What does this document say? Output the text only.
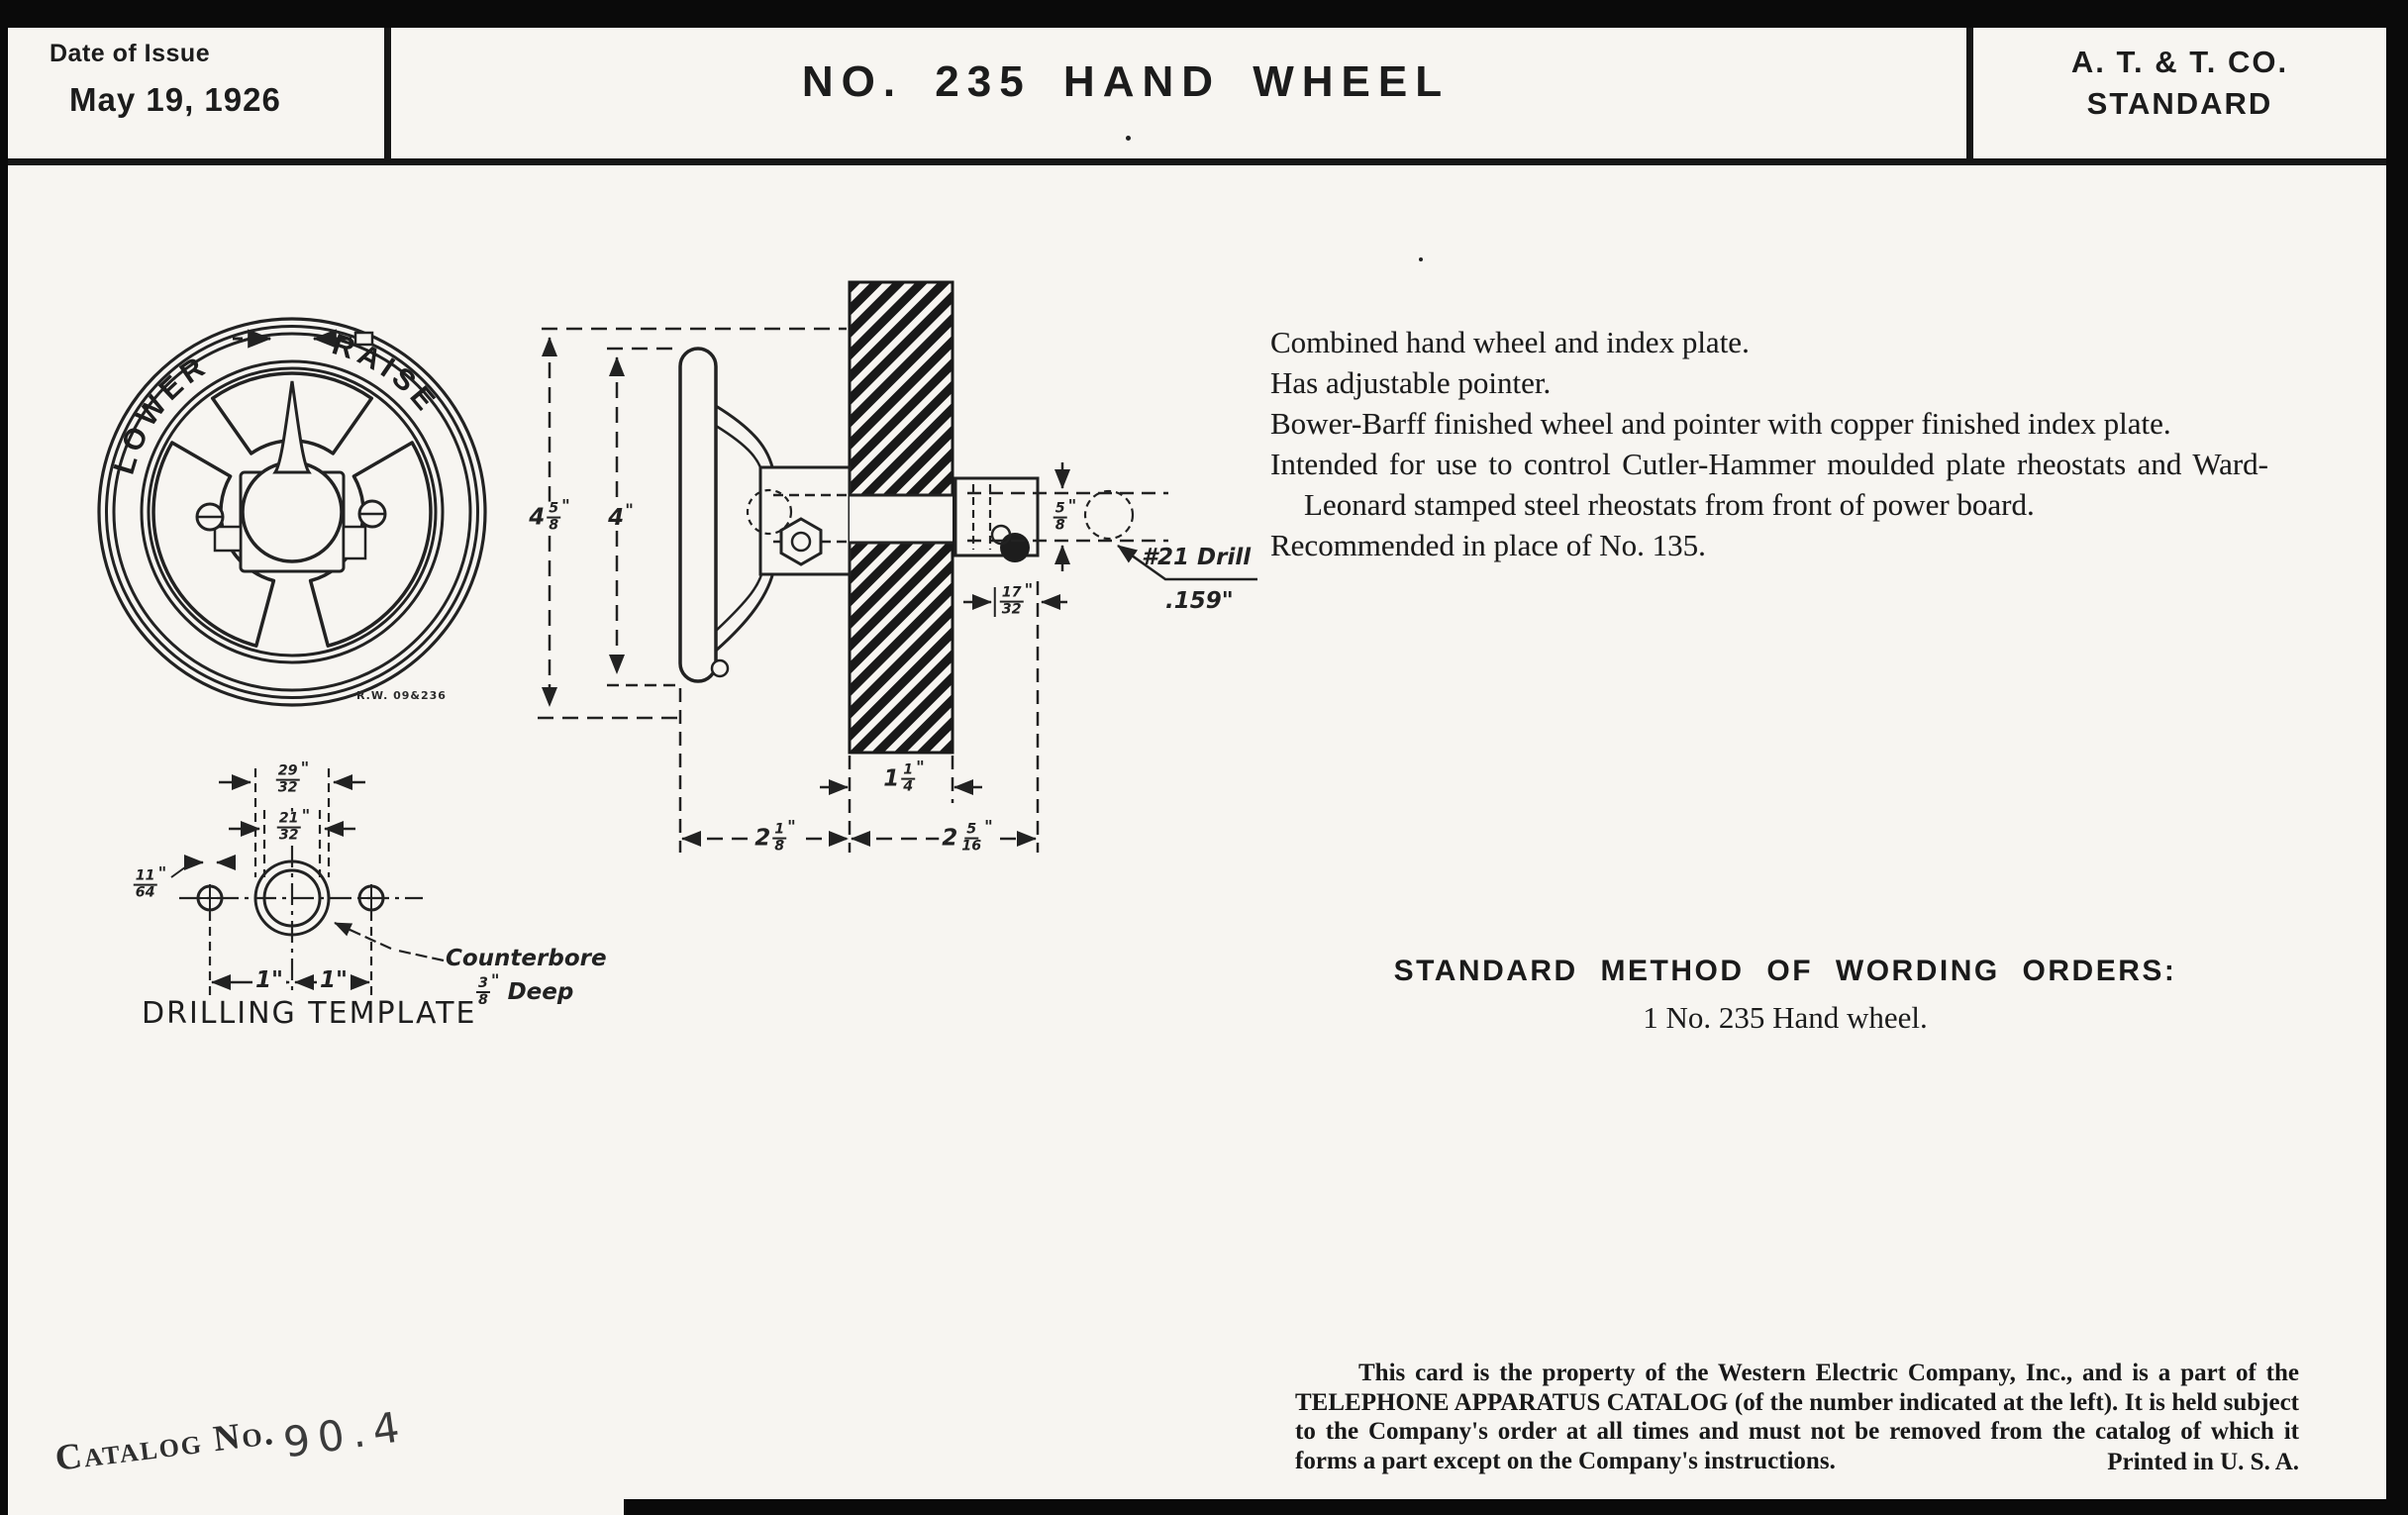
Date of Issue
May 19, 1926	NO. 235 HAND WHEEL	A. T. & T. CO.
STANDARD
LOWER
RAISE
R.W. 09&236
$4 \frac{5}{8}$ " 4 "	$\frac{5}{8}$ "
$\frac{17}{32}$ "
#21 Drill
.159"
$1 \frac{1}{4}$ "
$2 \frac{1}{8}$ "	$2 \frac{5}{16}$ "
$\frac{29}{32}$ "
$\frac{21}{32}$ "
$\frac{11}{64}$ "
1" 1"
Counterbore
$\frac{3}{8}$ "
Deep
DRILLING TEMPLATE

Combined hand wheel and index plate.

Has adjustable pointer.

Bower-Barff finished wheel and pointer with copper finished index plate.

Intended for use to control Cutler-Hammer moulded plate rheostats and Ward-Leonard stamped steel rheostats from front of power board.

Recommended in place of No. 135.

STANDARD METHOD OF WORDING ORDERS:
1 No. 235 Hand wheel.
This card is the property of the Western Electric Company, Inc., and is a part of the TELEPHONE APPARATUS CATALOG (of the number indicated at the left). It is held subject to the Company's order at all times and must not be removed from the catalog of which it forms a part except on the Company's instructions.	Printed in U. S. A.
Catalog No. 90.4
